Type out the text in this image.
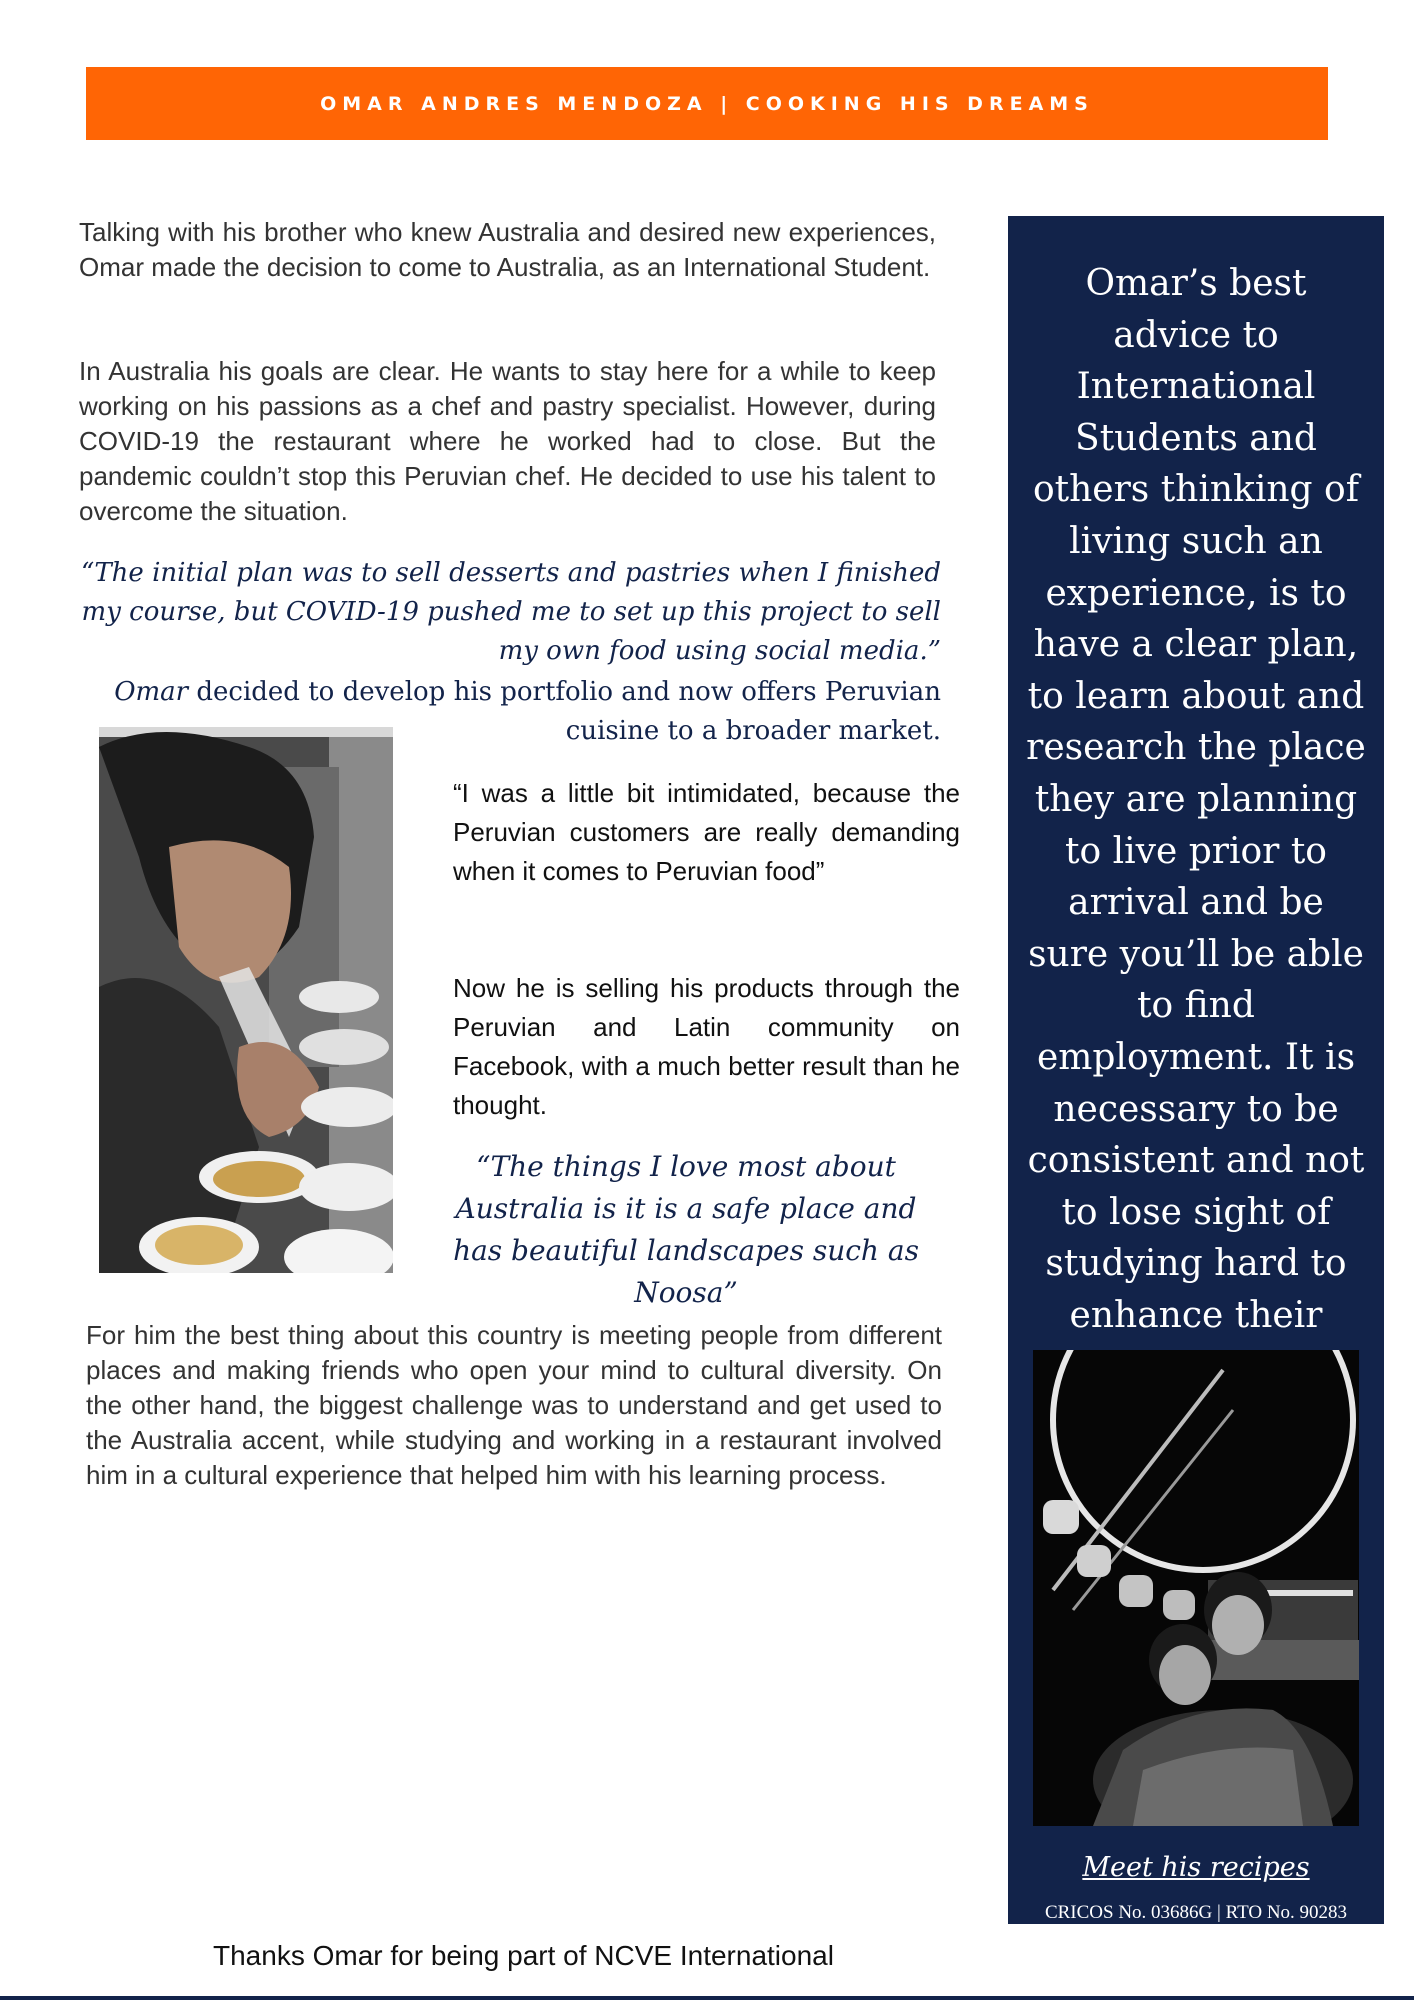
OMAR ANDRES MENDOZA | COOKING HIS DREAMS

Talking with his brother who knew Australia and desired new experiences, Omar made the decision to come to Australia, as an International Student.

In Australia his goals are clear. He wants to stay here for a while to keep working on his passions as a chef and pastry specialist. However, during COVID-19 the restaurant where he worked had to close. But the pandemic couldn’t stop this Peruvian chef. He decided to use his talent to overcome the situation.

“The initial plan was to sell desserts and pastries when I finished my course, but COVID-19 pushed me to set up this project to sell my own food using social media.”

Omar decided to develop his portfolio and now offers Peruvian cuisine to a broader market.

“I was a little bit intimidated, because the Peruvian customers are really demanding when it comes to Peruvian food”

Now he is selling his products through the Peruvian and Latin community on Facebook, with a much better result than he thought.

“The things I love most about Australia is it is a safe place and has beautiful landscapes such as Noosa”

For him the best thing about this country is meeting people from different places and making friends who open your mind to cultural diversity. On the other hand, the biggest challenge was to understand and get used to the Australia accent, while studying and working in a restaurant involved him in a cultural experience that helped him with his learning process.

Omar’s best advice to International Students and others thinking of living such an experience, is to have a clear plan, to learn about and research the place they are planning to live prior to arrival and be sure you’ll be able to find employment. It is necessary to be consistent and not to lose sight of studying hard to enhance their

Meet his recipes
CRICOS No. 03686G | RTO No. 90283
Thanks Omar for being part of NCVE International
